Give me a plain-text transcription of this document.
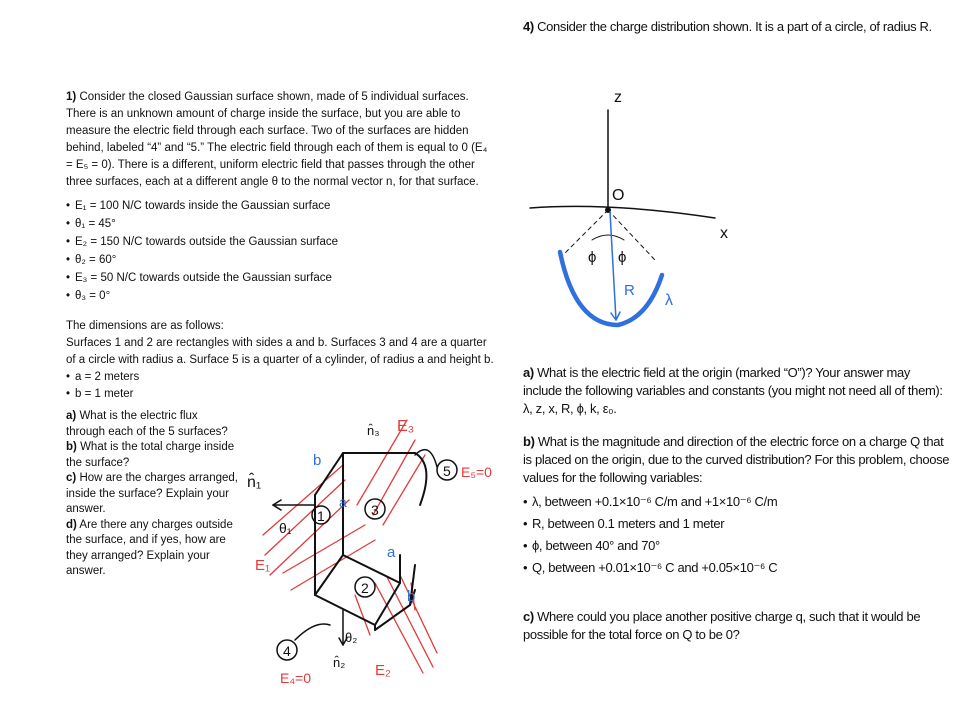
1) Consider the closed Gaussian surface shown, made of 5 individual surfaces. There is an unknown amount of charge inside the surface, but you are able to measure the electric field through each surface. Two of the surfaces are hidden behind, labeled “4” and “5.” The electric field through each of them is equal to 0 (E₄ = E₅ = 0). There is a different, uniform electric field that passes through the other three surfaces, each at a different angle θ to the normal vector n, for that surface.
• E₁ = 100 N/C towards inside the Gaussian surface
• θ₁ = 45°
• E₂ = 150 N/C towards outside the Gaussian surface
• θ₂ = 60°
• E₃ = 50 N/C towards outside the Gaussian surface
• θ₃ = 0°
The dimensions are as follows:
Surfaces 1 and 2 are rectangles with sides a and b. Surfaces 3 and 4 are a quarter of a circle with radius a. Surface 5 is a quarter of a cylinder, of radius a and height b.
• a = 2 meters
• b = 1 meter
a) What is the electric flux through each of the 5 surfaces?
b) What is the total charge inside the surface?
c) How are the charges arranged, inside the surface? Explain your answer.
d) Are there any charges outside the surface, and if yes, how are they arranged? Explain your answer.
n̂₁
θ₁
1
a
b
E₁
n̂₃ E₃
3
a
5 E₅=0
2	b
θ₂
n̂₂ E₂
4
E₄=0
4) Consider the charge distribution shown. It is a part of a circle, of radius R.
z
x
O
ϕ ϕ
R
λ
a) What is the electric field at the origin (marked “O”)? Your answer may include the following variables and constants (you might not need all of them): λ, z, x, R, ϕ, k, ε₀.
b) What is the magnitude and direction of the electric force on a charge Q that is placed on the origin, due to the curved distribution? For this problem, choose values for the following variables:
• λ, between +0.1×10⁻⁶ C/m and +1×10⁻⁶ C/m
• R, between 0.1 meters and 1 meter
• ϕ, between 40° and 70°
• Q, between +0.01×10⁻⁶ C and +0.05×10⁻⁶ C
c) Where could you place another positive charge q, such that it would be possible for the total force on Q to be 0?
